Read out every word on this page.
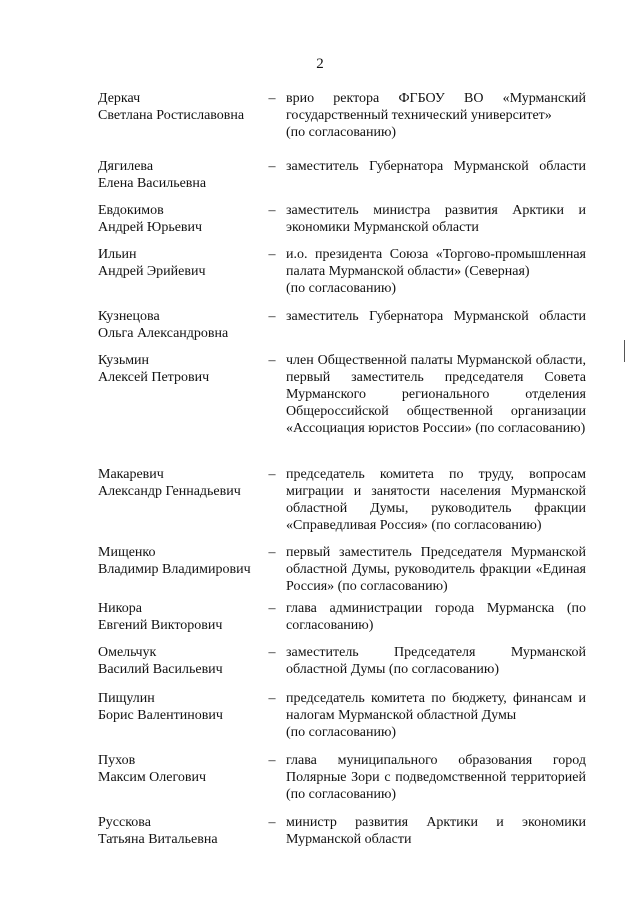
2
Деркач
Светлана Ростиславовна
– врио ректора ФГБОУ ВО «Мурманский государственный технический университет»
(по согласованию)
Дягилева
Елена Васильевна
– заместитель Губернатора Мурманской области
Евдокимов
Андрей Юрьевич
– заместитель министра развития Арктики и экономики Мурманской области
Ильин
Андрей Эрийевич
– и.о. президента Союза «Торгово-промышленная палата Мурманской области» (Северная)
(по согласованию)
Кузнецова
Ольга Александровна
– заместитель Губернатора Мурманской области
Кузьмин
Алексей Петрович
– член Общественной палаты Мурманской области, первый заместитель председателя Совета Мурманского регионального отделения Общероссийской общественной организации «Ассоциация юристов России» (по согласованию)
Макаревич
Александр Геннадьевич
– председатель комитета по труду, вопросам миграции и занятости населения Мурманской областной Думы, руководитель фракции «Справедливая Россия» (по согласованию)
Мищенко
Владимир Владимирович
– первый заместитель Председателя Мурманской областной Думы, руководитель фракции «Единая Россия» (по согласованию)
Никора
Евгений Викторович
– глава администрации города Мурманска (по согласованию)
Омельчук
Василий Васильевич
– заместитель Председателя Мурманской областной Думы (по согласованию)
Пищулин
Борис Валентинович
– председатель комитета по бюджету, финансам и налогам Мурманской областной Думы
(по согласованию)
Пухов
Максим Олегович
– глава муниципального образования город Полярные Зори с подведомственной территорией (по согласованию)
Русскова
Татьяна Витальевна
– министр развития Арктики и экономики Мурманской области
